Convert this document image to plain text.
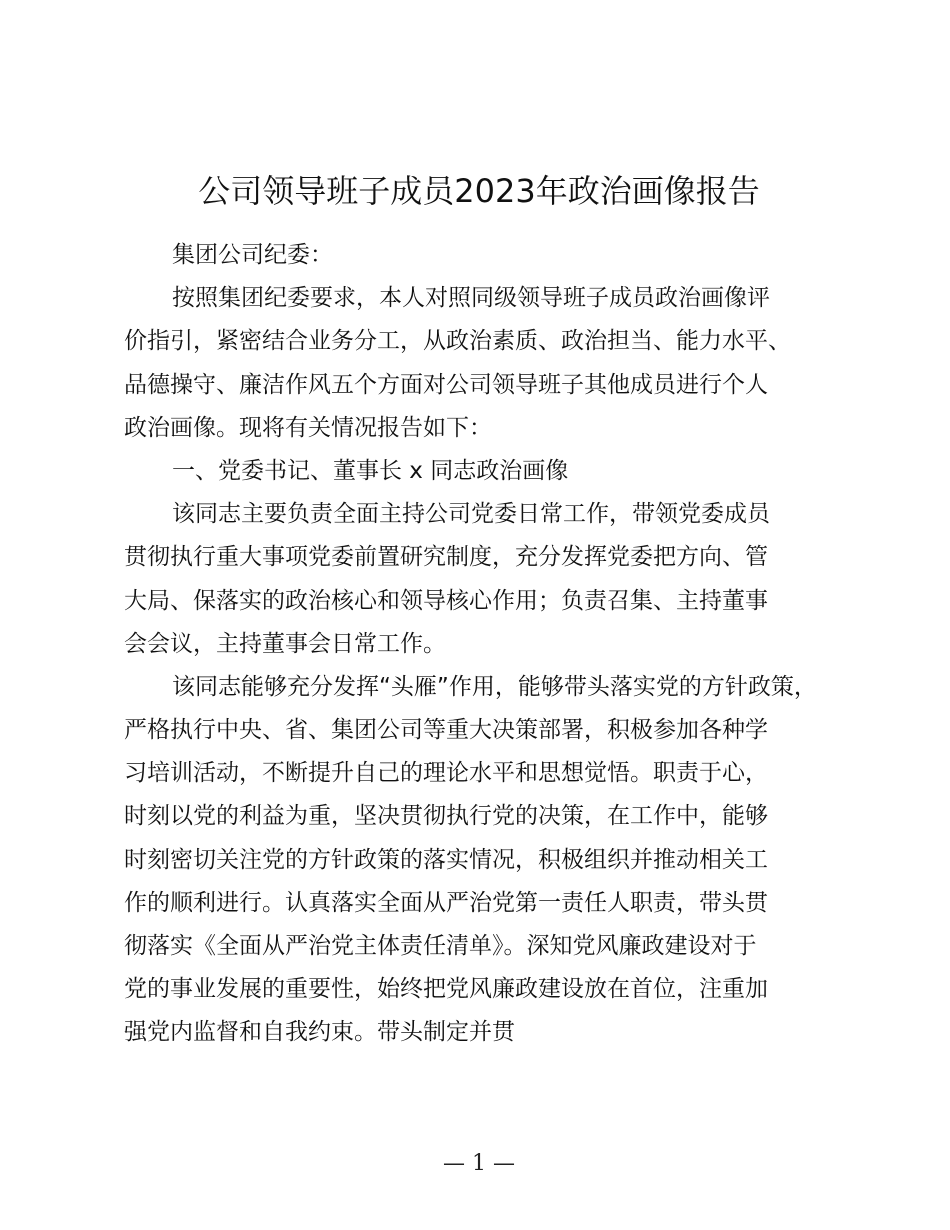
公司领导班子成员2023年政治画像报告

集团公司纪委：

按照集团纪委要求，本人对照同级领导班子成员政治画像评

价指引，紧密结合业务分工，从政治素质、政治担当、能力水平、

品德操守、廉洁作风五个方面对公司领导班子其他成员进行个人

政治画像。现将有关情况报告如下：

一、党委书记、董事长 x 同志政治画像

该同志主要负责全面主持公司党委日常工作，带领党委成员

贯彻执行重大事项党委前置研究制度，充分发挥党委把方向、管

大局、保落实的政治核心和领导核心作用；负责召集、主持董事

会会议，主持董事会日常工作。

该同志能够充分发挥“头雁”作用，能够带头落实党的方针政策，

严格执行中央、省、集团公司等重大决策部署，积极参加各种学

习培训活动，不断提升自己的理论水平和思想觉悟。职责于心，

时刻以党的利益为重，坚决贯彻执行党的决策，在工作中，能够

时刻密切关注党的方针政策的落实情况，积极组织并推动相关工

作的顺利进行。认真落实全面从严治党第一责任人职责，带头贯

彻落实《全面从严治党主体责任清单》。深知党风廉政建设对于

党的事业发展的重要性，始终把党风廉政建设放在首位，注重加

强党内监督和自我约束。带头制定并贯

— 1 —
